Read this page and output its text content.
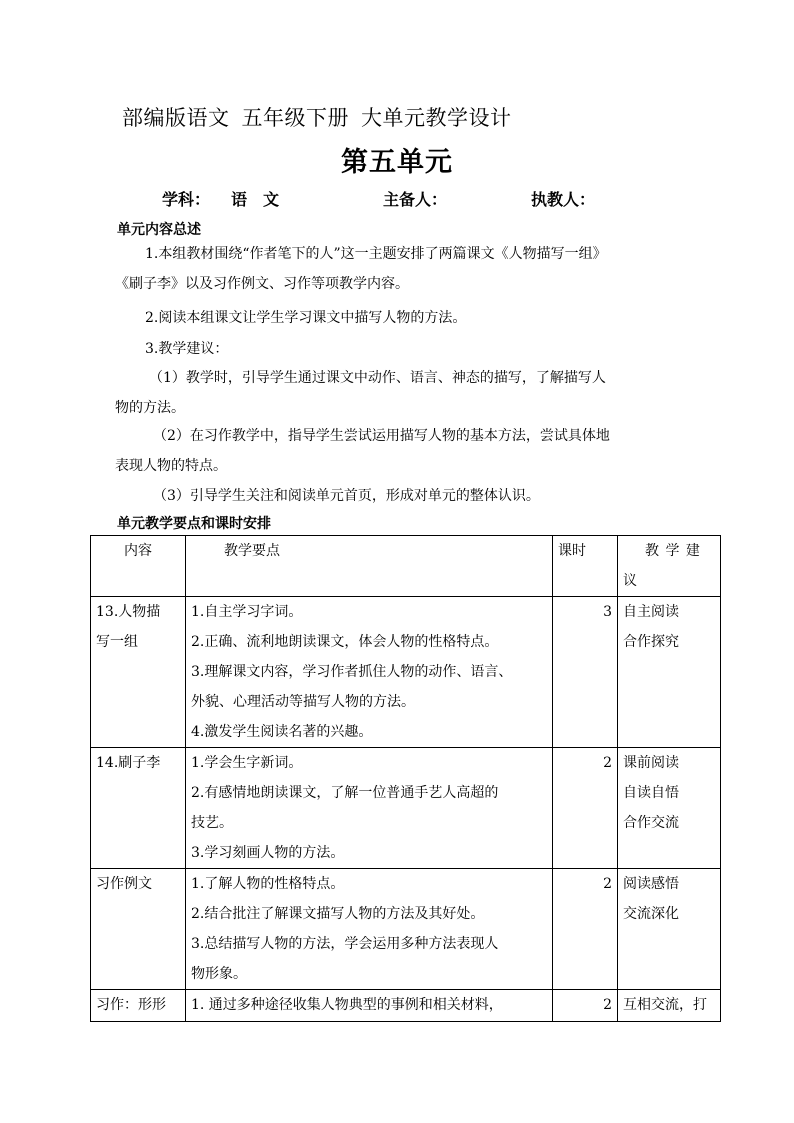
部编版语文 五年级下册 大单元教学设计
第五单元
学科： 语　文	主备人：	执教人：
单元内容总述
1.本组教材围绕“作者笔下的人”这一主题安排了两篇课文《人物描写一组》
《刷子李》以及习作例文、习作等项教学内容。
2.阅读本组课文让学生学习课文中描写人物的方法。
3.教学建议：
（1）教学时，引导学生通过课文中动作、语言、神态的描写，了解描写人
物的方法。
（2）在习作教学中，指导学生尝试运用描写人物的基本方法，尝试具体地
表现人物的特点。
（3）引导学生关注和阅读单元首页，形成对单元的整体认识。
单元教学要点和课时安排
内容	教学要点	课时	教 学 建
议

13.人物描
写一组	1.自主学习字词。
2.正确、流利地朗读课文，体会人物的性格特点。
3.理解课文内容，学习作者抓住人物的动作、语言、
外貌、心理活动等描写人物的方法。
4.激发学生阅读名著的兴趣。	3	自主阅读
合作探究

14.刷子李	1.学会生字新词。
2.有感情地朗读课文，了解一位普通手艺人高超的
技艺。
3.学习刻画人物的方法。	2	课前阅读
自读自悟
合作交流

习作例文	1.了解人物的性格特点。
2.结合批注了解课文描写人物的方法及其好处。
3.总结描写人物的方法，学会运用多种方法表现人
物形象。	2	阅读感悟
交流深化

习作：形形	1. 通过多种途径收集人物典型的事例和相关材料，	2	互相交流，打
